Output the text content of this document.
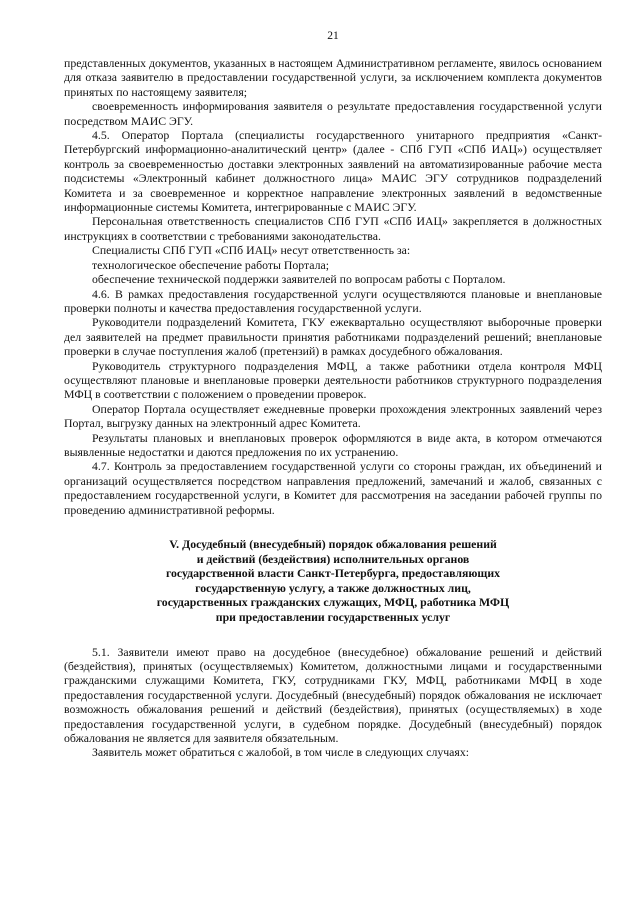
21

представленных документов, указанных в настоящем Административном регламенте, явилось основанием для отказа заявителю в предоставлении государственной услуги, за исключением комплекта документов принятых по настоящему заявителя;

своевременность информирования заявителя о результате предоставления государственной услуги посредством МАИС ЭГУ.

4.5. Оператор Портала (специалисты государственного унитарного предприятия «Санкт-Петербургский информационно-аналитический центр» (далее - СПб ГУП «СПб ИАЦ») осуществляет контроль за своевременностью доставки электронных заявлений на автоматизированные рабочие места подсистемы «Электронный кабинет должностного лица» МАИС ЭГУ сотрудников подразделений Комитета и за своевременное и корректное направление электронных заявлений в ведомственные информационные системы Комитета, интегрированные с МАИС ЭГУ.

Персональная ответственность специалистов СПб ГУП «СПб ИАЦ» закрепляется в должностных инструкциях в соответствии с требованиями законодательства.

Специалисты СПб ГУП «СПб ИАЦ» несут ответственность за:

технологическое обеспечение работы Портала;

обеспечение технической поддержки заявителей по вопросам работы с Порталом.

4.6. В рамках предоставления государственной услуги осуществляются плановые и внеплановые проверки полноты и качества предоставления государственной услуги.

Руководители подразделений Комитета, ГКУ ежеквартально осуществляют выборочные проверки дел заявителей на предмет правильности принятия работниками подразделений решений; внеплановые проверки в случае поступления жалоб (претензий) в рамках досудебного обжалования.

Руководитель структурного подразделения МФЦ, а также работники отдела контроля МФЦ осуществляют плановые и внеплановые проверки деятельности работников структурного подразделения МФЦ в соответствии с положением о проведении проверок.

Оператор Портала осуществляет ежедневные проверки прохождения электронных заявлений через Портал, выгрузку данных на электронный адрес Комитета.

Результаты плановых и внеплановых проверок оформляются в виде акта, в котором отмечаются выявленные недостатки и даются предложения по их устранению.

4.7. Контроль за предоставлением государственной услуги со стороны граждан, их объединений и организаций осуществляется посредством направления предложений, замечаний и жалоб, связанных с предоставлением государственной услуги, в Комитет для рассмотрения на заседании рабочей группы по проведению административной реформы.

V. Досудебный (внесудебный) порядок обжалования решений
и действий (бездействия) исполнительных органов
государственной власти Санкт-Петербурга, предоставляющих
государственную услугу, а также должностных лиц,
государственных гражданских служащих, МФЦ, работника МФЦ
при предоставлении государственных услуг

5.1. Заявители имеют право на досудебное (внесудебное) обжалование решений и действий (бездействия), принятых (осуществляемых) Комитетом, должностными лицами и государственными гражданскими служащими Комитета, ГКУ, сотрудниками ГКУ, МФЦ, работниками МФЦ в ходе предоставления государственной услуги. Досудебный (внесудебный) порядок обжалования не исключает возможность обжалования решений и действий (бездействия), принятых (осуществляемых) в ходе предоставления государственной услуги, в судебном порядке. Досудебный (внесудебный) порядок обжалования не является для заявителя обязательным.

Заявитель может обратиться с жалобой, в том числе в следующих случаях:
